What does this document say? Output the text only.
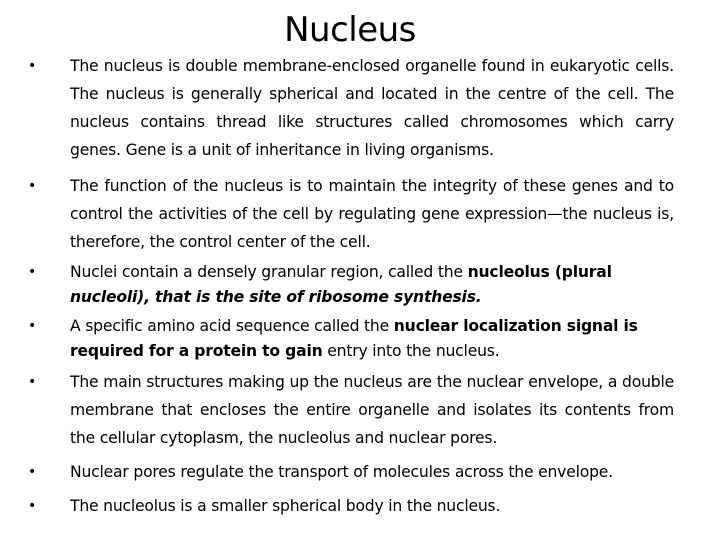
Nucleus
•	The nucleus is double membrane-enclosed organelle found in eukaryotic cells. The nucleus is generally spherical and located in the centre of the cell. The nucleus contains thread like structures called chromosomes which carry genes. Gene is a unit of inheritance in living organisms.
•	The function of the nucleus is to maintain the integrity of these genes and to control the activities of the cell by regulating gene expression—the nucleus is, therefore, the control center of the cell.
•	Nuclei contain a densely granular region, called the nucleolus (plural nucleoli), that is the site of ribosome synthesis.
•	A specific amino acid sequence called the nuclear localization signal is required for a protein to gain entry into the nucleus.
•	The main structures making up the nucleus are the nuclear envelope, a double membrane that encloses the entire organelle and isolates its contents from the cellular cytoplasm, the nucleolus and nuclear pores.
•	Nuclear pores regulate the transport of molecules across the envelope.
•	The nucleolus is a smaller spherical body in the nucleus.
